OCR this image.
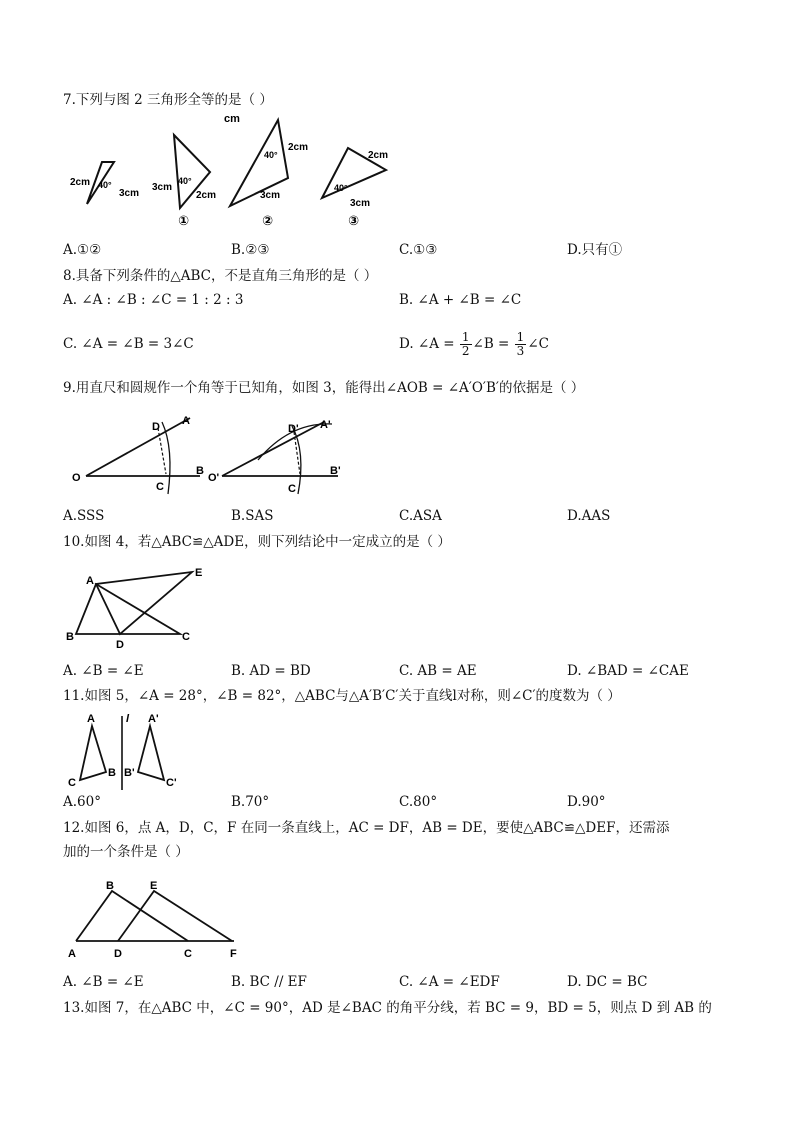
7.下列与图 2 三角形全等的是（ ）
cm
2cm
3cm
40°	3cm
2cm
40°
①
2cm
3cm
40°
②
2cm
3cm
40°
③
A.①②	B.②③	C.①③	D.只有①
8.具备下列条件的△ABC，不是直角三角形的是（ ）
A. ∠A : ∠B : ∠C = 1 : 2 : 3	B. ∠A + ∠B = ∠C
C. ∠A = ∠B = 3∠C	D. ∠A = $\frac{1}{2}$ ∠B = $\frac{1}{3}$ ∠C
9.用直尺和圆规作一个角等于已知角，如图 3，能得出∠AOB = ∠A′O′B′的依据是（ ）
O
A
B
C
D
O'
A'
B'
C
D'
A.SSS	B.SAS	C.ASA	D.AAS
10.如图 4，若△ABC≌△ADE，则下列结论中一定成立的是（ ）
A
B	C
D
E
A. ∠B = ∠E	B. AD = BD	C. AB = AE	D. ∠BAD = ∠CAE
11.如图 5，∠A = 28°，∠B = 82°，△ABC与△A′B′C′关于直线l对称，则∠C′的度数为（ ）
A
C
B
l A'
B'
C'
A.60°	B.70°	C.80°	D.90°
12.如图 6，点 A，D，C，F 在同一条直线上，AC = DF，AB = DE，要使△ABC≌△DEF，还需添
加的一个条件是（ ）
A
B
C
D
E
F
A. ∠B = ∠E	B. BC // EF	C. ∠A = ∠EDF	D. DC = BC
13.如图 7，在△ABC 中，∠C = 90°，AD 是∠BAC 的角平分线，若 BC = 9，BD = 5，则点 D 到 AB 的
